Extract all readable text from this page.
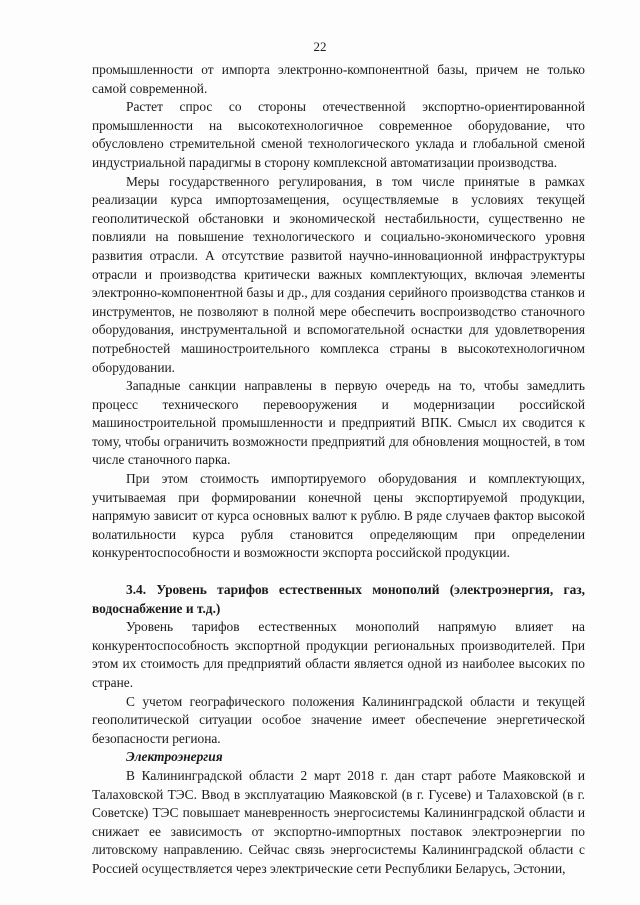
22

промышленности от импорта электронно-компонентной базы, причем не только самой современной.

Растет спрос со стороны отечественной экспортно-ориентированной промышленности на высокотехнологичное современное оборудование, что обусловлено стремительной сменой технологического уклада и глобальной сменой индустриальной парадигмы в сторону комплексной автоматизации производства.

Меры государственного регулирования, в том числе принятые в рамках реализации курса импортозамещения, осуществляемые в условиях текущей геополитической обстановки и экономической нестабильности, существенно не повлияли на повышение технологического и социально-экономического уровня развития отрасли. А отсутствие развитой научно-инновационной инфраструктуры отрасли и производства критически важных комплектующих, включая элементы электронно-компонентной базы и др., для создания серийного производства станков и инструментов, не позволяют в полной мере обеспечить воспроизводство станочного оборудования, инструментальной и вспомогательной оснастки для удовлетворения потребностей машиностроительного комплекса страны в высокотехнологичном оборудовании.

Западные санкции направлены в первую очередь на то, чтобы замедлить процесс технического перевооружения и модернизации российской машиностроительной промышленности и предприятий ВПК. Смысл их сводится к тому, чтобы ограничить возможности предприятий для обновления мощностей, в том числе станочного парка.

При этом стоимость импортируемого оборудования и комплектующих, учитываемая при формировании конечной цены экспортируемой продукции, напрямую зависит от курса основных валют к рублю. В ряде случаев фактор высокой волатильности курса рубля становится определяющим при определении конкурентоспособности и возможности экспорта российской продукции.

3.4. Уровень тарифов естественных монополий (электроэнергия, газ, водоснабжение и т.д.)

Уровень тарифов естественных монополий напрямую влияет на конкурентоспособность экспортной продукции региональных производителей. При этом их стоимость для предприятий области является одной из наиболее высоких по стране.

С учетом географического положения Калининградской области и текущей геополитической ситуации особое значение имеет обеспечение энергетической безопасности региона.

Электроэнергия

В Калининградской области 2 март 2018 г. дан старт работе Маяковской и Талаховской ТЭС. Ввод в эксплуатацию Маяковской (в г. Гусеве) и Талаховской (в г. Советске) ТЭС повышает маневренность энергосистемы Калининградской области и снижает ее зависимость от экспортно-импортных поставок электроэнергии по литовскому направлению. Сейчас связь энергосистемы Калининградской области с Россией осуществляется через электрические сети Республики Беларусь, Эстонии,
